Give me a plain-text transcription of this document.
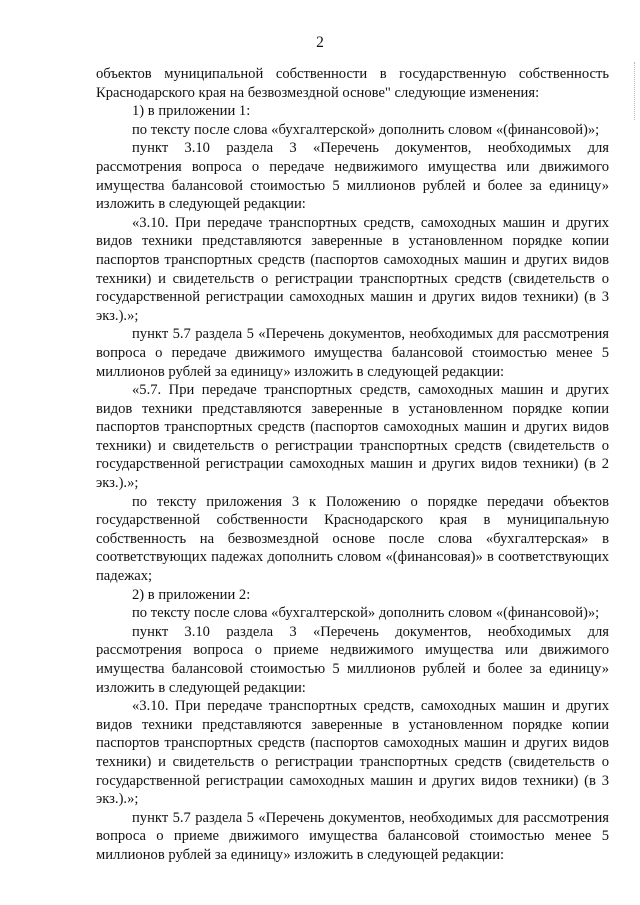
2

объектов муниципальной собственности в государственную собственность Краснодарского края на безвозмездной основе" следующие изменения:

1) в приложении 1:

по тексту после слова «бухгалтерской» дополнить словом «(финансовой)»;

пункт 3.10 раздела 3 «Перечень документов, необходимых для рассмотрения вопроса о передаче недвижимого имущества или движимого имущества балансовой стоимостью 5 миллионов рублей и более за единицу» изложить в следующей редакции:

«3.10. При передаче транспортных средств, самоходных машин и других видов техники представляются заверенные в установленном порядке копии паспортов транспортных средств (паспортов самоходных машин и других видов техники) и свидетельств о регистрации транспортных средств (свидетельств о государственной регистрации самоходных машин и других видов техники) (в 3 экз.).»;

пункт 5.7 раздела 5 «Перечень документов, необходимых для рассмотрения вопроса о передаче движимого имущества балансовой стоимостью менее 5 миллионов рублей за единицу» изложить в следующей редакции:

«5.7. При передаче транспортных средств, самоходных машин и других видов техники представляются заверенные в установленном порядке копии паспортов транспортных средств (паспортов самоходных машин и других видов техники) и свидетельств о регистрации транспортных средств (свидетельств о государственной регистрации самоходных машин и других видов техники) (в 2 экз.).»;

по тексту приложения 3 к Положению о порядке передачи объектов государственной собственности Краснодарского края в муниципальную собственность на безвозмездной основе после слова «бухгалтерская» в соответствующих падежах дополнить словом «(финансовая)» в соответствующих падежах;

2) в приложении 2:

по тексту после слова «бухгалтерской» дополнить словом «(финансовой)»;

пункт 3.10 раздела 3 «Перечень документов, необходимых для рассмотрения вопроса о приеме недвижимого имущества или движимого имущества балансовой стоимостью 5 миллионов рублей и более за единицу» изложить в следующей редакции:

«3.10. При передаче транспортных средств, самоходных машин и других видов техники представляются заверенные в установленном порядке копии паспортов транспортных средств (паспортов самоходных машин и других видов техники) и свидетельств о регистрации транспортных средств (свидетельств о государственной регистрации самоходных машин и других видов техники) (в 3 экз.).»;

пункт 5.7 раздела 5 «Перечень документов, необходимых для рассмотрения вопроса о приеме движимого имущества балансовой стоимостью менее 5 миллионов рублей за единицу» изложить в следующей редакции:
